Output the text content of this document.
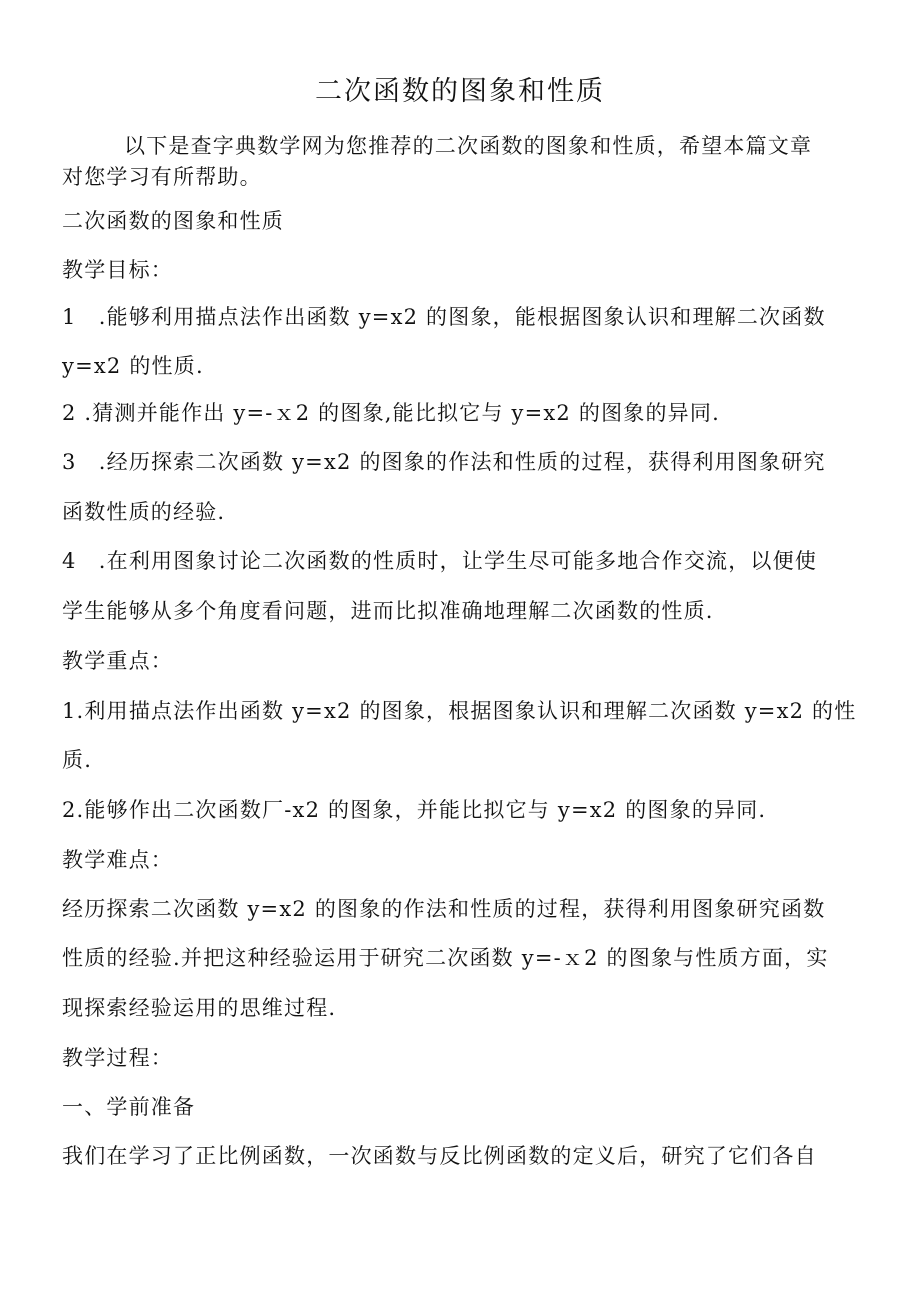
二次函数的图象和性质
以下是查字典数学网为您推荐的二次函数的图象和性质，希望本篇文章
对您学习有所帮助。
二次函数的图象和性质
教学目标：
1　.能够利用描点法作出函数 y=x2 的图象，能根据图象认识和理解二次函数
y=x2 的性质.
2 .猜测并能作出 y=-ｘ2 的图象,能比拟它与 y=x2 的图象的异同.
3　.经历探索二次函数 y=x2 的图象的作法和性质的过程，获得利用图象研究
函数性质的经验.
4　.在利用图象讨论二次函数的性质时，让学生尽可能多地合作交流，以便使
学生能够从多个角度看问题，进而比拟准确地理解二次函数的性质.
教学重点：
1.利用描点法作出函数 y=x2 的图象，根据图象认识和理解二次函数 y=x2 的性
质.
2.能够作出二次函数厂-x2 的图象，并能比拟它与 y=x2 的图象的异同.
教学难点：
经历探索二次函数 y=x2 的图象的作法和性质的过程，获得利用图象研究函数
性质的经验.并把这种经验运用于研究二次函数 y=-ｘ2 的图象与性质方面，实
现探索经验运用的思维过程.
教学过程：
一、学前准备
我们在学习了正比例函数，一次函数与反比例函数的定义后，研究了它们各自
